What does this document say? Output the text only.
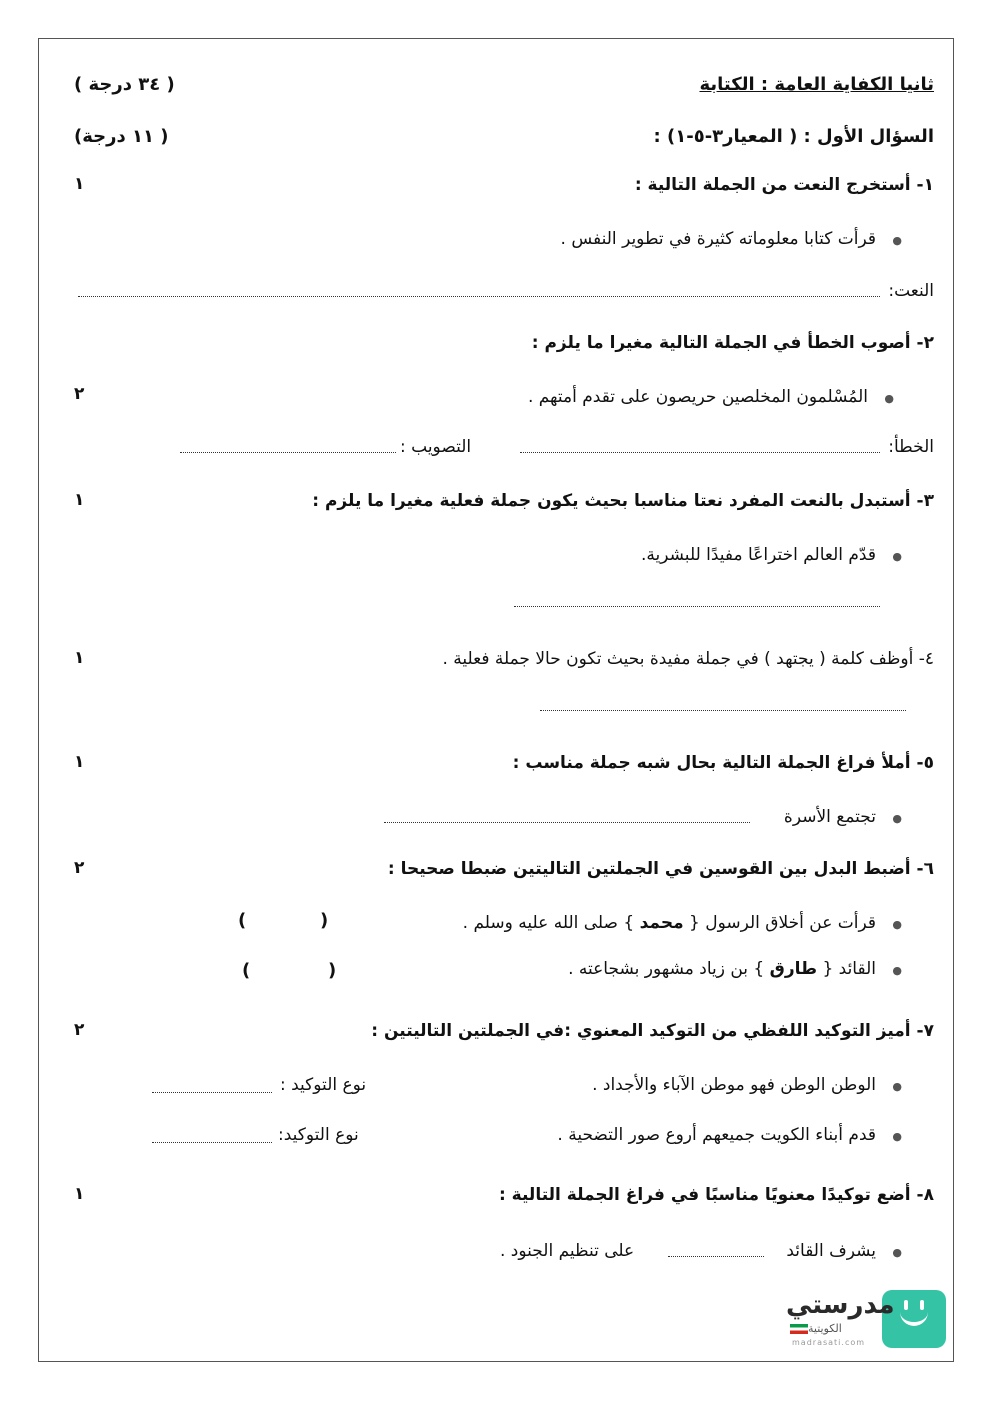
ثانيا الكفاية العامة : الكتابة
( ٣٤ درجة )
السؤال الأول : ( المعيار٣-٥-١) :
( ١١ درجة)
١- أستخرج النعت من الجملة التالية :
١
قرأت كتابا معلوماته كثيرة في تطوير النفس . ●
النعت:
٢- أصوب الخطأ في الجملة التالية مغيرا ما يلزم :
٢	المُسْلمون المخلصين حريصون على تقدم أمتهم . ●
الخطأ:
التصويب :
٣- أستبدل بالنعت المفرد نعتا مناسبا بحيث يكون جملة فعلية مغيرا ما يلزم :
١
قدّم العالم اختراعًا مفيدًا للبشرية. ●
٤- أوظف كلمة ( يجتهد ) في جملة مفيدة بحيث تكون حالا جملة فعلية .
١
٥- أملأ فراغ الجملة التالية بحال شبه جملة مناسب :
١
تجتمع الأسرة ●
٦- أضبط البدل بين القوسين في الجملتين التاليتين ضبطا صحيحا :
٢
قرأت عن أخلاق الرسول { محمد } صلى الله عليه وسلم . ●
(
)
القائد { طارق } بن زياد مشهور بشجاعته . ●
(
)
٧- أميز التوكيد اللفظي من التوكيد المعنوي :في الجملتين التاليتين :
٢
الوطن الوطن فهو موطن الآباء والأجداد . ●
نوع التوكيد :
قدم أبناء الكويت جميعهم أروع صور التضحية . ●
نوع التوكيد:
٨- أضع توكيدًا معنويًا مناسبًا في فراغ الجملة التالية :
١
يشرف القائد ●
على تنظيم الجنود .
مدرستي
الكويتية
madrasati.com
